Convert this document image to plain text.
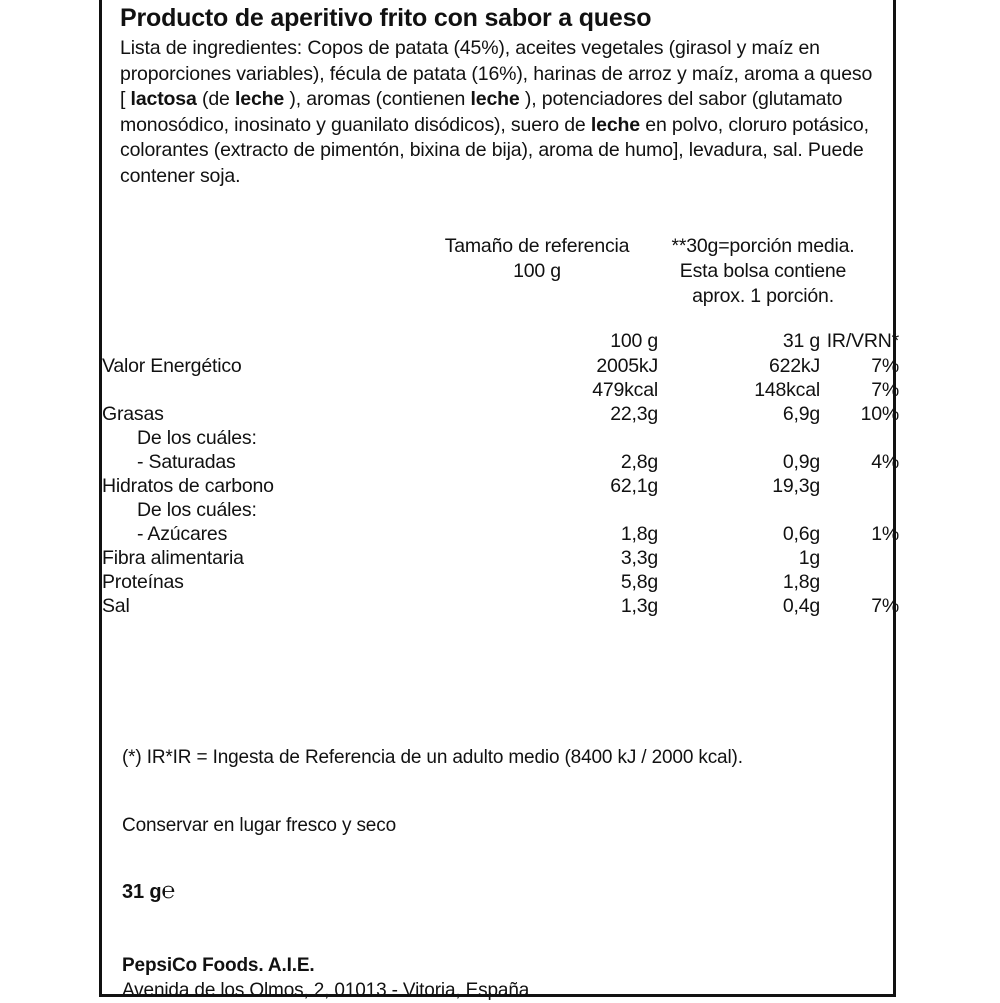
Producto de aperitivo frito con sabor a queso

Lista de ingredientes: Copos de patata (45%), aceites vegetales (girasol y maíz en proporciones variables), fécula de patata (16%), harinas de arroz y maíz, aroma a queso [ lactosa (de leche ), aromas (contienen leche ), potenciadores del sabor (glutamato monosódico, inosinato y guanilato disódicos), suero de leche en polvo, cloruro potásico, colorantes (extracto de pimentón, bixina de bija), aroma de humo], levadura, sal. Puede contener soja.

Tamaño de referencia
100 g
**30g=porción media.
Esta bolsa contiene
aprox. 1 porción.
	100 g	31 g	IR/VRN*
Valor Energético	2005kJ	622kJ	7%
	479kcal	148kcal	7%
Grasas	22,3g	6,9g	10%
De los cuáles:			
- Saturadas	2,8g	0,9g	4%
Hidratos de carbono	62,1g	19,3g	
De los cuáles:			
- Azúcares	1,8g	0,6g	1%
Fibra alimentaria	3,3g	1g	
Proteínas	5,8g	1,8g	
Sal	1,3g	0,4g	7%
(*) IR*IR = Ingesta de Referencia de un adulto medio (8400 kJ / 2000 kcal).
Conservar en lugar fresco y seco
31 g℮
PepsiCo Foods. A.I.E.
Avenida de los Olmos, 2, 01013 - Vitoria, España
